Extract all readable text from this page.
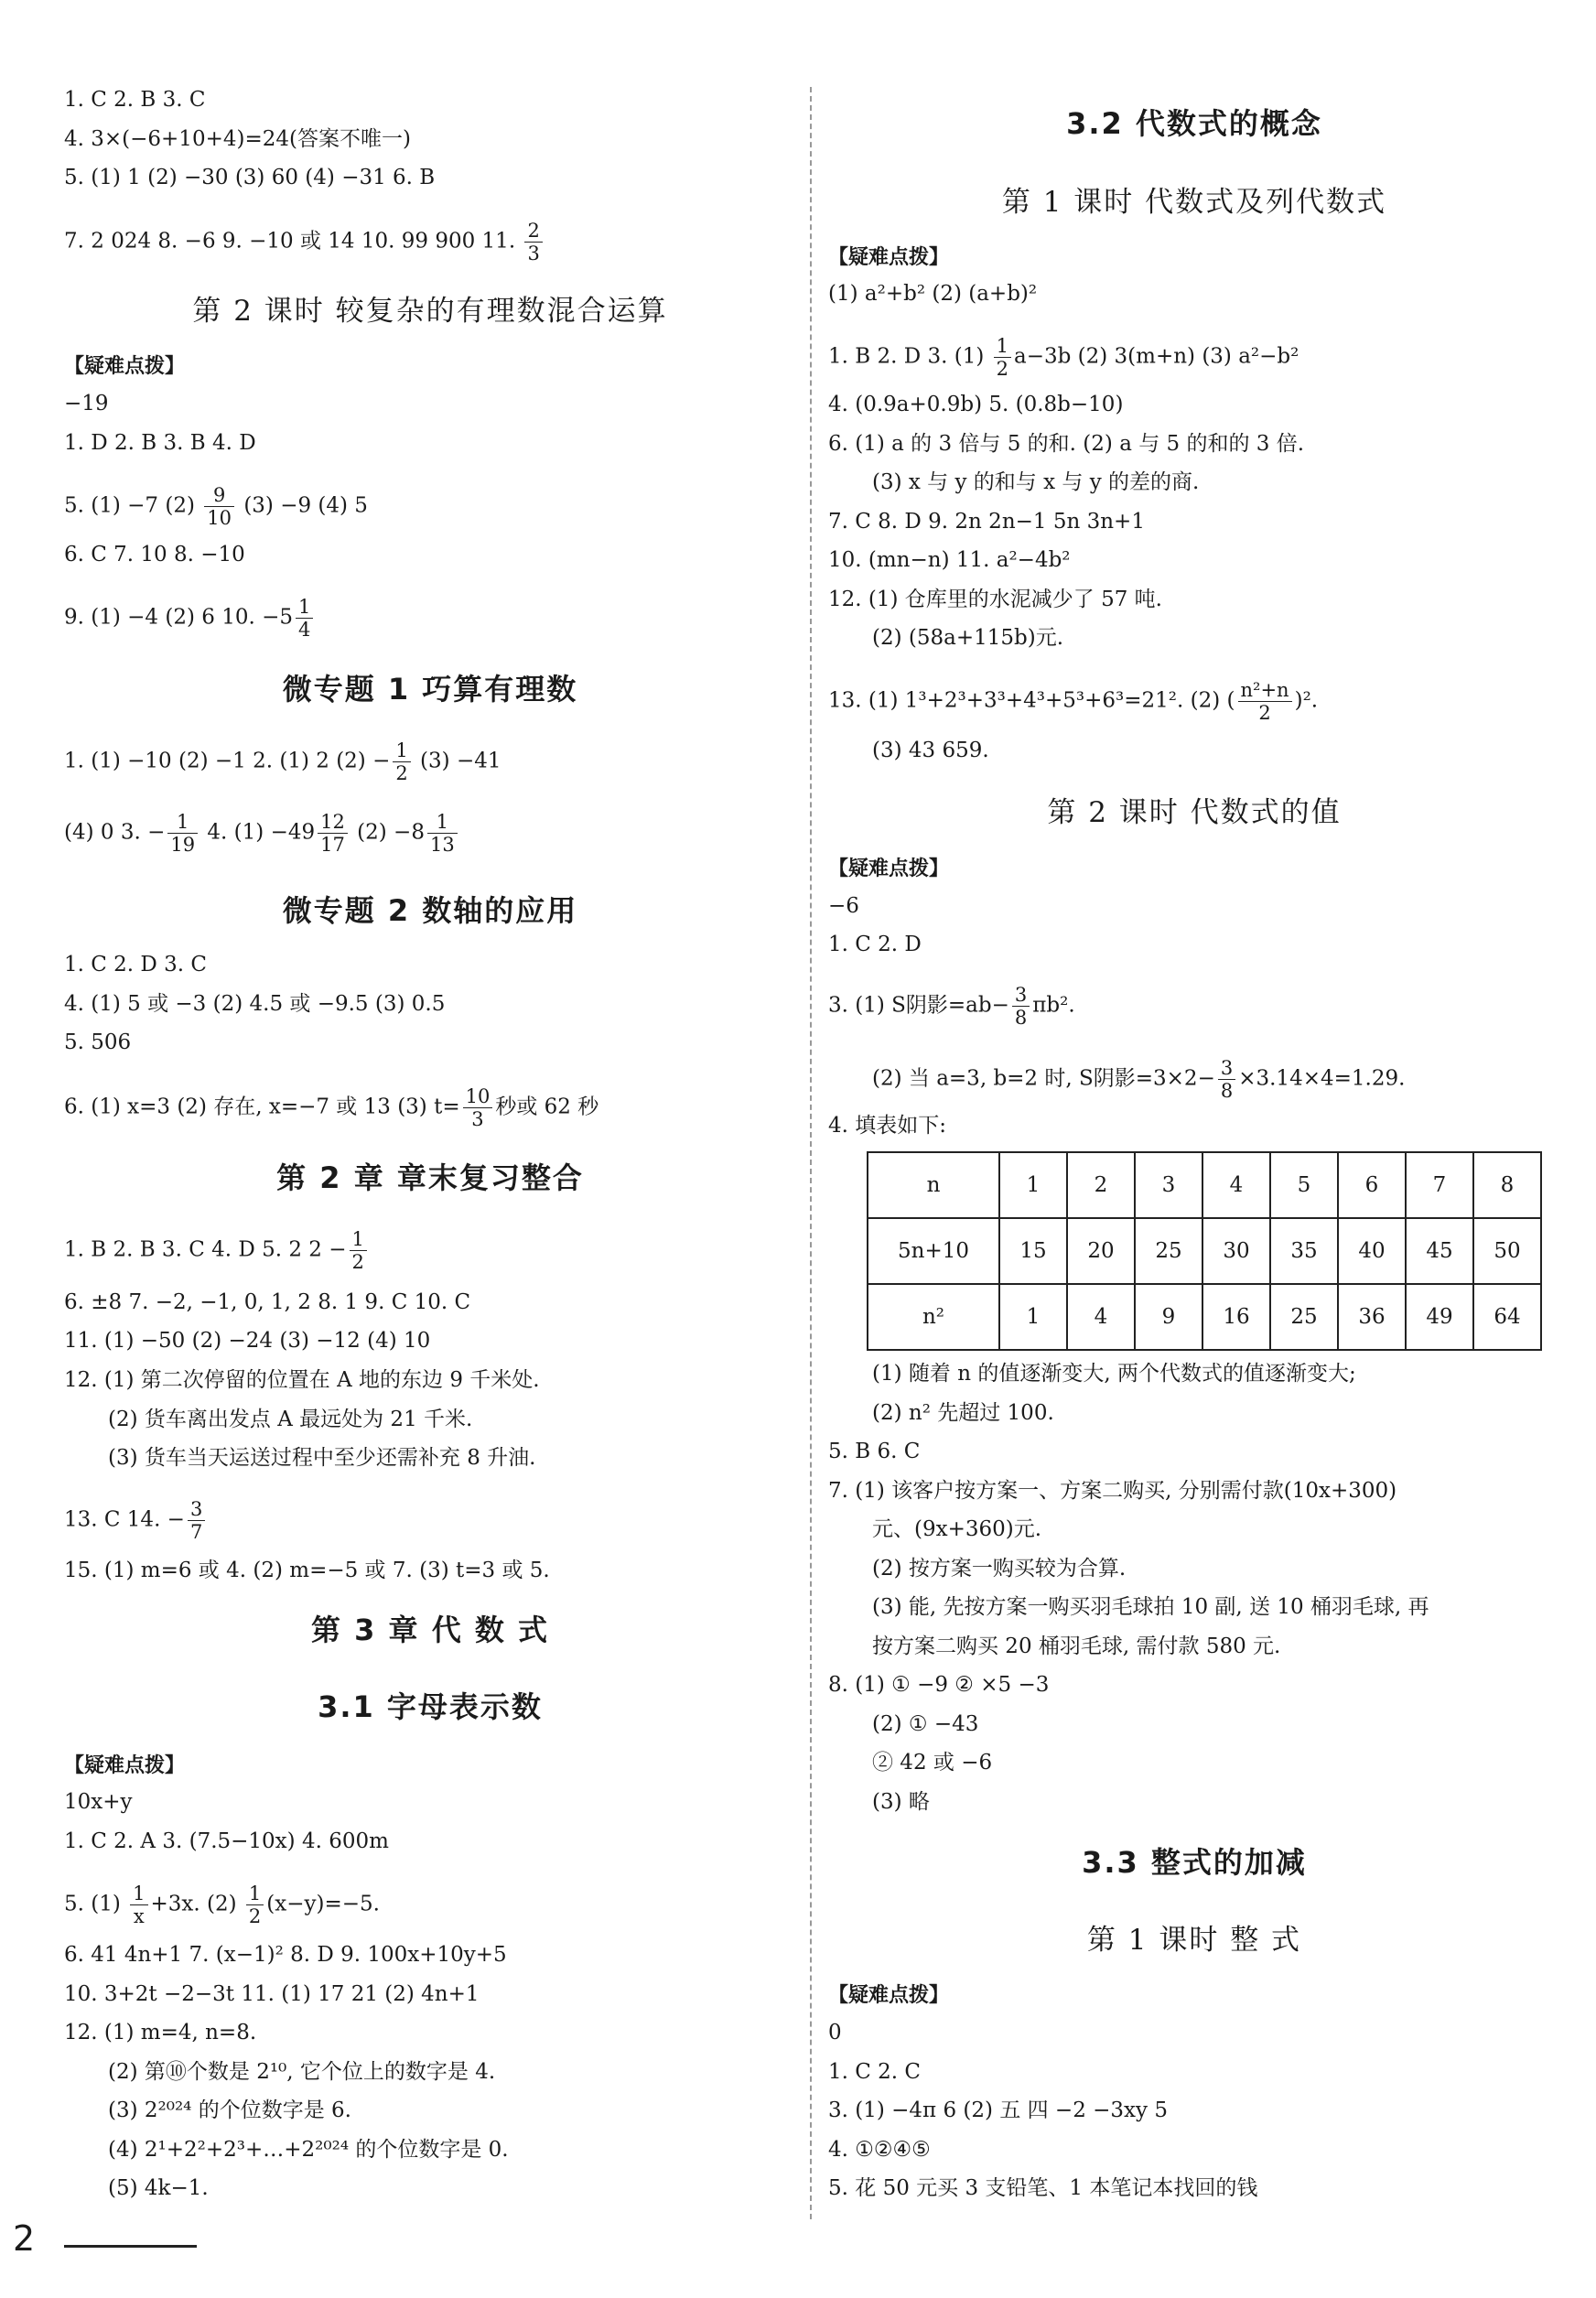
1. C 2. B 3. C
4. 3×(−6+10+4)=24(答案不唯一)
5. (1) 1 (2) −30 (3) 60 (4) −31 6. B
7. 2 024 8. −6 9. −10 或 14 10. 99 900 11. $\frac{2}{3}$
第 2 课时 较复杂的有理数混合运算
【疑难点拨】
−19
1. D 2. B 3. B 4. D
5. (1) −7 $(2) \frac{9}{10} (3) -9$ (4) 5
6. C 7. 10 8. −10
9. (1) −4 (2) 6 10. $-5 \frac{1}{4}$
微专题 1 巧算有理数
1. (1) −10 (2) −1 2. (1) 2 $(2) - \frac{1}{2} (3) -41$
(4) 0 3. − $\frac{1}{19} 4$. $(1) -49 \frac{12}{17} (2) -8 \frac{1}{13}$
微专题 2 数轴的应用
1. C 2. D 3. C
4. (1) 5 或 −3 (2) 4.5 或 −9.5 (3) 0.5
5. 506
6. (1) x=3 (2) 存在, x=−7 或 13 (3) $t= \frac{10}{3}$ 秒或 62 秒
第 2 章 章末复习整合
1. B 2. B 3. C 4. D 5. 2 $2 - \frac{1}{2}$
6. ±8 7. −2, −1, 0, 1, 2 8. 1 9. C 10. C
11. (1) −50 (2) −24 (3) −12 (4) 10
12. (1) 第二次停留的位置在 A 地的东边 9 千米处.
(2) 货车离出发点 A 最远处为 21 千米.
(3) 货车当天运送过程中至少还需补充 8 升油.
13. C 14. − $\frac{3}{7}$
15. (1) m=6 或 4. (2) m=−5 或 7. (3) t=3 或 5.
第 3 章 代 数 式
3.1 字母表示数
【疑难点拨】
10x+y
1. C 2. A 3. (7.5−10x) 4. 600m
5. $(1) \frac{1}{x} +3x$. $(2) \frac{1}{2} (x-y)=-5$.
6. 41 4n+1 7. (x−1)² 8. D 9. 100x+10y+5
10. 3+2t −2−3t 11. (1) 17 21 (2) 4n+1
12. (1) m=4, n=8.
(2) 第⑩个数是 2¹⁰, 它个位上的数字是 4.
(3) 2²⁰²⁴ 的个位数字是 6.
(4) 2¹+2²+2³+…+2²⁰²⁴ 的个位数字是 0.
(5) 4k−1.
3.2 代数式的概念
第 1 课时 代数式及列代数式
【疑难点拨】
(1) a²+b² (2) (a+b)²
1. B 2. D 3. $(1) \frac{1}{2} a-3b$ (2) 3(m+n) (3) a²−b²
4. (0.9a+0.9b) 5. (0.8b−10)
6. (1) a 的 3 倍与 5 的和. (2) a 与 5 的和的 3 倍.
(3) x 与 y 的和与 x 与 y 的差的商.
7. C 8. D 9. 2n 2n−1 5n 3n+1
10. (mn−n) 11. a²−4b²
12. (1) 仓库里的水泥减少了 57 吨.
(2) (58a+115b)元.
13. (1) 1³+2³+3³+4³+5³+6³=21². (2) ( $\frac{\text{n²+n}}{2} )^2$.
(3) 43 659.
第 2 课时 代数式的值
【疑难点拨】
−6
1. C 2. D
3. (1) S阴影$=ab- \frac{3}{8} \pi b^2$.
(2) 当 a=3, b=2 时, S阴影$=3\times 2- \frac{3}{8} \times 3.14\times 4=1.29$.
4. 填表如下:
n	1	2	3	4	5	6	7	8
5n+10	15	20	25	30	35	40	45	50
n²	1	4	9	16	25	36	49	64
(1) 随着 n 的值逐渐变大, 两个代数式的值逐渐变大;
(2) n² 先超过 100.
5. B 6. C
7. (1) 该客户按方案一、方案二购买, 分别需付款(10x+300)
元、(9x+360)元.
(2) 按方案一购买较为合算.
(3) 能, 先按方案一购买羽毛球拍 10 副, 送 10 桶羽毛球, 再
按方案二购买 20 桶羽毛球, 需付款 580 元.
8. (1) ① −9 ② ×5 −3
(2) ① −43
② 42 或 −6
(3) 略
3.3 整式的加减
第 1 课时 整 式
【疑难点拨】
0
1. C 2. C
3. (1) −4π 6 (2) 五 四 −2 −3xy 5
4. ①②④⑤
5. 花 50 元买 3 支铅笔、1 本笔记本找回的钱
2
